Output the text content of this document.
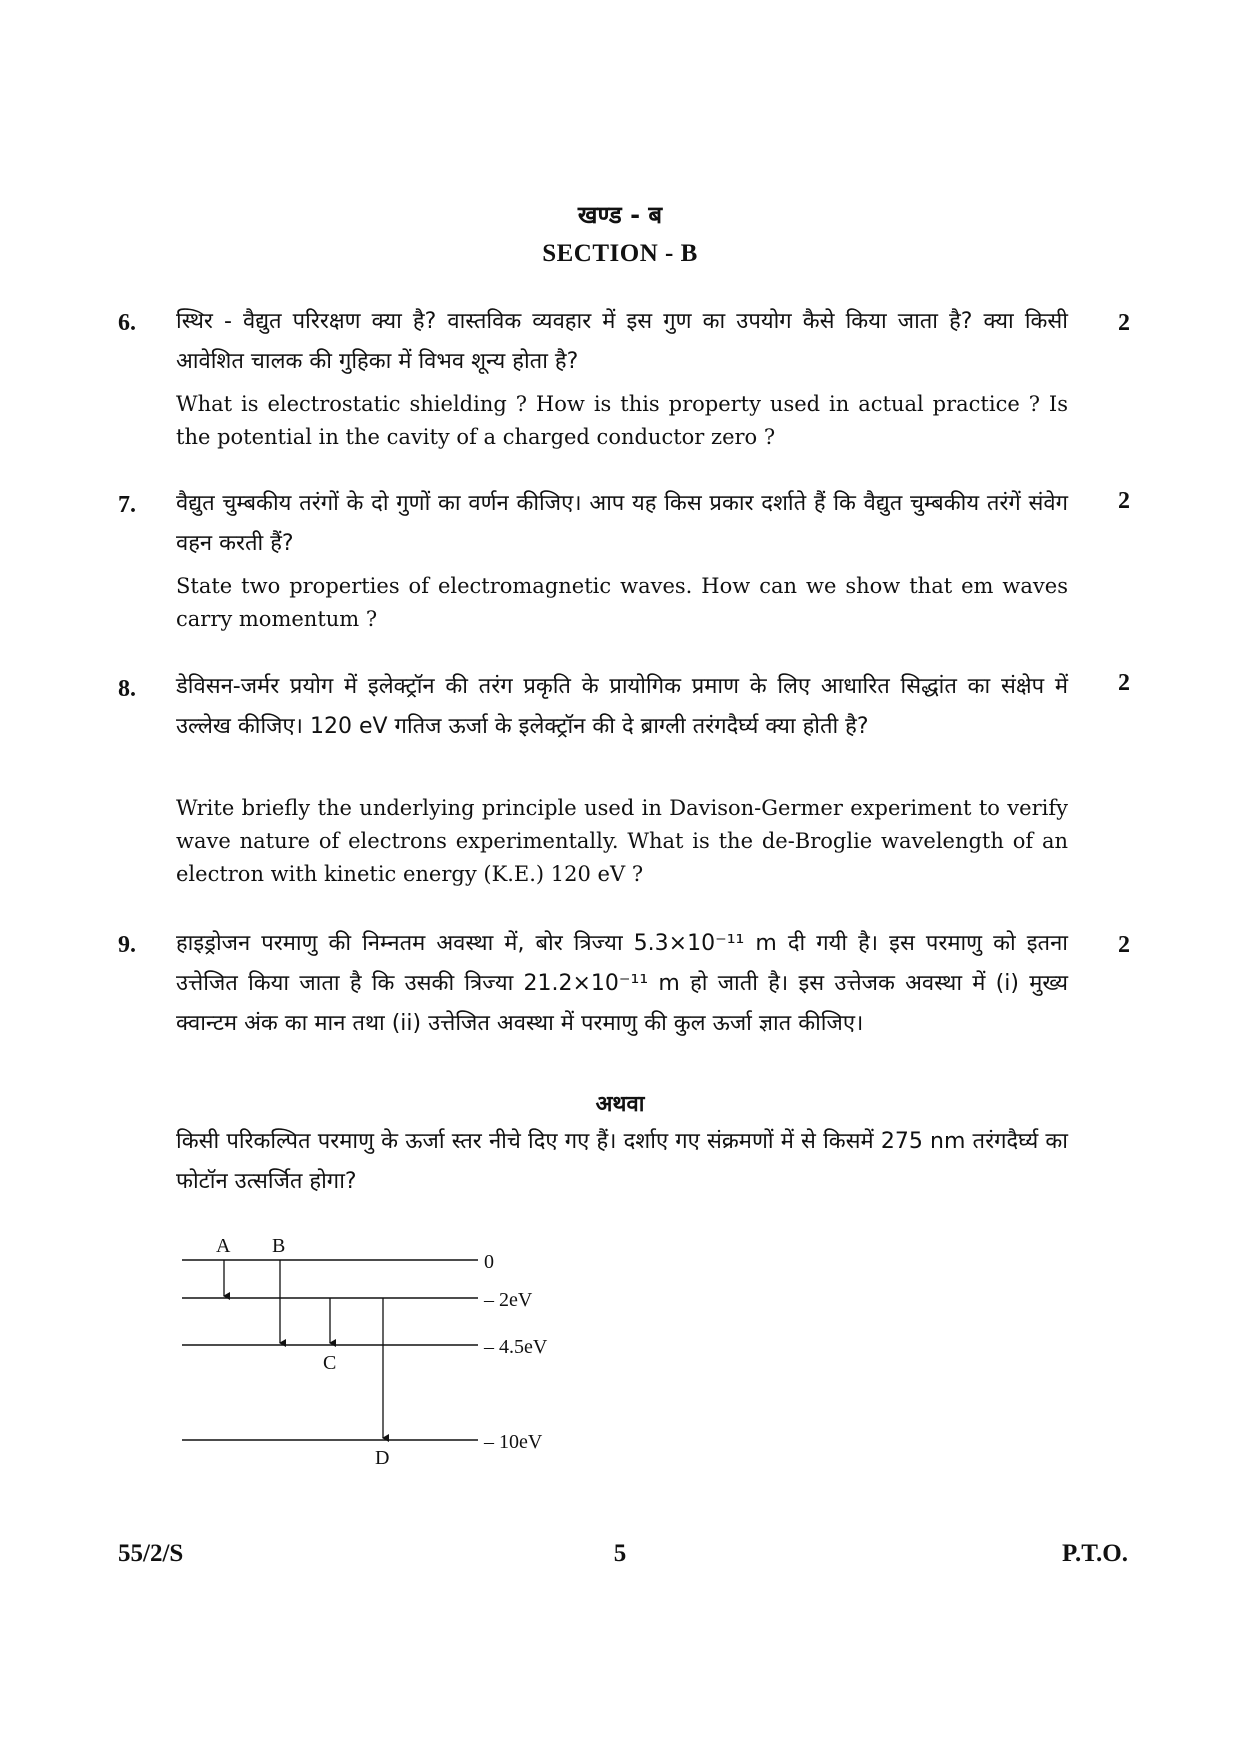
खण्ड - ब
SECTION - B
6.	2
स्थिर - वैद्युत परिरक्षण क्या है? वास्तविक व्यवहार में इस गुण का उपयोग कैसे किया जाता है? क्या किसी आवेशित चालक की गुहिका में विभव शून्य होता है?
What is electrostatic shielding ? How is this property used in actual practice ? Is the potential in the cavity of a charged conductor zero ?
7.	2
वैद्युत चुम्बकीय तरंगों के दो गुणों का वर्णन कीजिए। आप यह किस प्रकार दर्शाते हैं कि वैद्युत चुम्बकीय तरंगें संवेग वहन करती हैं?
State two properties of electromagnetic waves. How can we show that em waves carry momentum ?
8.	2
डेविसन-जर्मर प्रयोग में इलेक्ट्रॉन की तरंग प्रकृति के प्रायोगिक प्रमाण के लिए आधारित सिद्धांत का संक्षेप में उल्लेख कीजिए। 120 eV गतिज ऊर्जा के इलेक्ट्रॉन की दे ब्राग्ली तरंगदैर्घ्य क्या होती है?
Write briefly the underlying principle used in Davison-Germer experiment to verify wave nature of electrons experimentally. What is the de-Broglie wavelength of an electron with kinetic energy (K.E.) 120 eV ?
9.	2
हाइड्रोजन परमाणु की निम्नतम अवस्था में, बोर त्रिज्या 5.3×10⁻¹¹ m दी गयी है। इस परमाणु को इतना उत्तेजित किया जाता है कि उसकी त्रिज्या 21.2×10⁻¹¹ m हो जाती है। इस उत्तेजक अवस्था में (i) मुख्य क्वान्टम अंक का मान तथा (ii) उत्तेजित अवस्था में परमाणु की कुल ऊर्जा ज्ञात कीजिए।
अथवा
किसी परिकल्पित परमाणु के ऊर्जा स्तर नीचे दिए गए हैं। दर्शाए गए संक्रमणों में से किसमें 275 nm तरंगदैर्घ्य का फोटॉन उत्सर्जित होगा?
0
– 2eV
– 4.5eV
– 10eV
A B
C
D
55/2/S	5	P.T.O.
